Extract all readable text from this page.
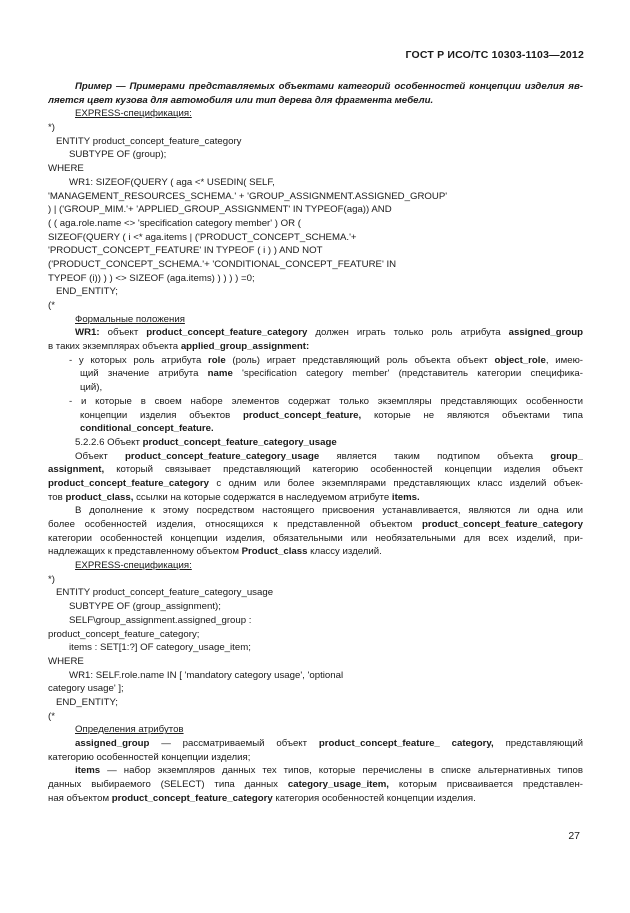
ГОСТ Р ИСО/ТС 10303-1103—2012
Пример — Примерами представляемых объектами категорий особенностей концепции изделия яв-
ляется цвет кузова для автомобиля или тип дерева для фрагмента мебели.
EXPRESS-спецификация:
*)
ENTITY product_concept_feature_category
SUBTYPE OF (group);
WHERE
WR1: SIZEOF(QUERY ( aga <* USEDIN( SELF,
'MANAGEMENT_RESOURCES_SCHEMA.' + 'GROUP_ASSIGNMENT.ASSIGNED_GROUP'
) | ('GROUP_MIM.'+ 'APPLIED_GROUP_ASSIGNMENT' IN TYPEOF(aga)) AND
( ( aga.role.name <> 'specification category member' ) OR (
SIZEOF(QUERY ( i <* aga.items | ('PRODUCT_CONCEPT_SCHEMA.'+
'PRODUCT_CONCEPT_FEATURE' IN TYPEOF ( i ) ) AND NOT
('PRODUCT_CONCEPT_SCHEMA.'+ 'CONDITIONAL_CONCEPT_FEATURE' IN
TYPEOF (i)) ) ) <> SIZEOF (aga.items) ) ) ) ) =0;
END_ENTITY;
(*
Формальные положения
WR1: объект product_concept_feature_category должен играть только роль атрибута assigned_group
в таких экземплярах объекта applied_group_assignment:
- у которых роль атрибута role (роль) играет представляющий роль объекта объект object_role, имею-
щий значение атрибута name 'specification category member' (представитель категории специфика-
ций),
- и которые в своем наборе элементов содержат только экземпляры представляющих особенности
концепции изделия объектов product_concept_feature, которые не являются объектами типа
conditional_concept_feature.
5.2.2.6 Объект product_concept_feature_category_usage
Объект product_concept_feature_category_usage является таким подтипом объекта group_
assignment, который связывает представляющий категорию особенностей концепции изделия объект
product_concept_feature_category с одним или более экземплярами представляющих класс изделий объек-
тов product_class, ссылки на которые содержатся в наследуемом атрибуте items.
В дополнение к этому посредством настоящего присвоения устанавливается, являются ли одна или
более особенностей изделия, относящихся к представленной объектом product_concept_feature_category
категории особенностей концепции изделия, обязательными или необязательными для всех изделий, при-
надлежащих к представленному объектом Product_class классу изделий.
EXPRESS-спецификация:
*)
ENTITY product_concept_feature_category_usage
SUBTYPE OF (group_assignment);
SELF\group_assignment.assigned_group :
product_concept_feature_category;
items : SET[1:?] OF category_usage_item;
WHERE
WR1: SELF.role.name IN [ 'mandatory category usage', 'optional
category usage' ];
END_ENTITY;
(*
Определения атрибутов
assigned_group — рассматриваемый объект product_concept_feature_ category, представляющий
категорию особенностей концепции изделия;
items — набор экземпляров данных тех типов, которые перечислены в списке альтернативных типов
данных выбираемого (SELECT) типа данных category_usage_item, которым присваивается представлен-
ная объектом product_concept_feature_category категория особенностей концепции изделия.
27
